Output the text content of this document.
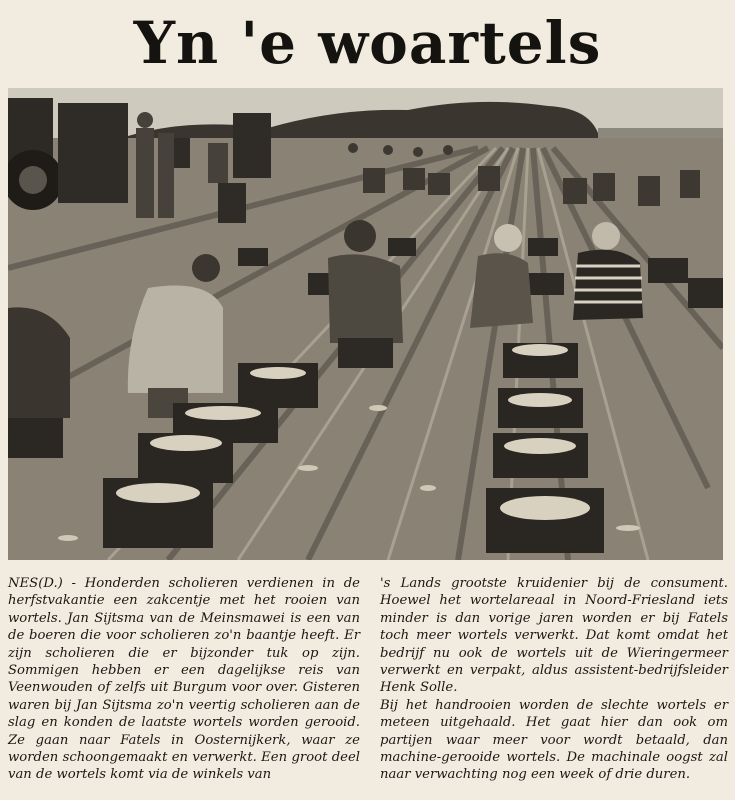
Yn 'e woartels

NES(D.) - Honderden scholieren verdienen in de herfstvakantie een zakcentje met het rooien van wortels. Jan Sijtsma van de Meinsmawei is een van de boeren die voor scholieren zo'n baantje heeft. Er zijn scholieren die er bijzonder tuk op zijn. Sommigen hebben er een dagelijkse reis van Veenwouden of zelfs uit Burgum voor over. Gisteren waren bij Jan Sijtsma zo'n veertig scholieren aan de slag en konden de laatste wortels worden gerooid. Ze gaan naar Fatels in Oosternijkerk, waar ze worden schoongemaakt en verwerkt. Een groot deel van de wortels komt via de winkels van

's Lands grootste kruidenier bij de consument. Hoewel het wortelareaal in Noord-Friesland iets minder is dan vorige jaren worden er bij Fatels toch meer wortels verwerkt. Dat komt omdat het bedrijf nu ook de wortels uit de Wieringermeer verwerkt en verpakt, aldus assistent-bedrijfsleider Henk Solle.

Bij het handrooien worden de slechte wortels er meteen uitgehaald. Het gaat hier dan ook om partijen waar meer voor wordt betaald, dan machine-gerooide wortels. De machinale oogst zal naar verwachting nog een week of drie duren.
